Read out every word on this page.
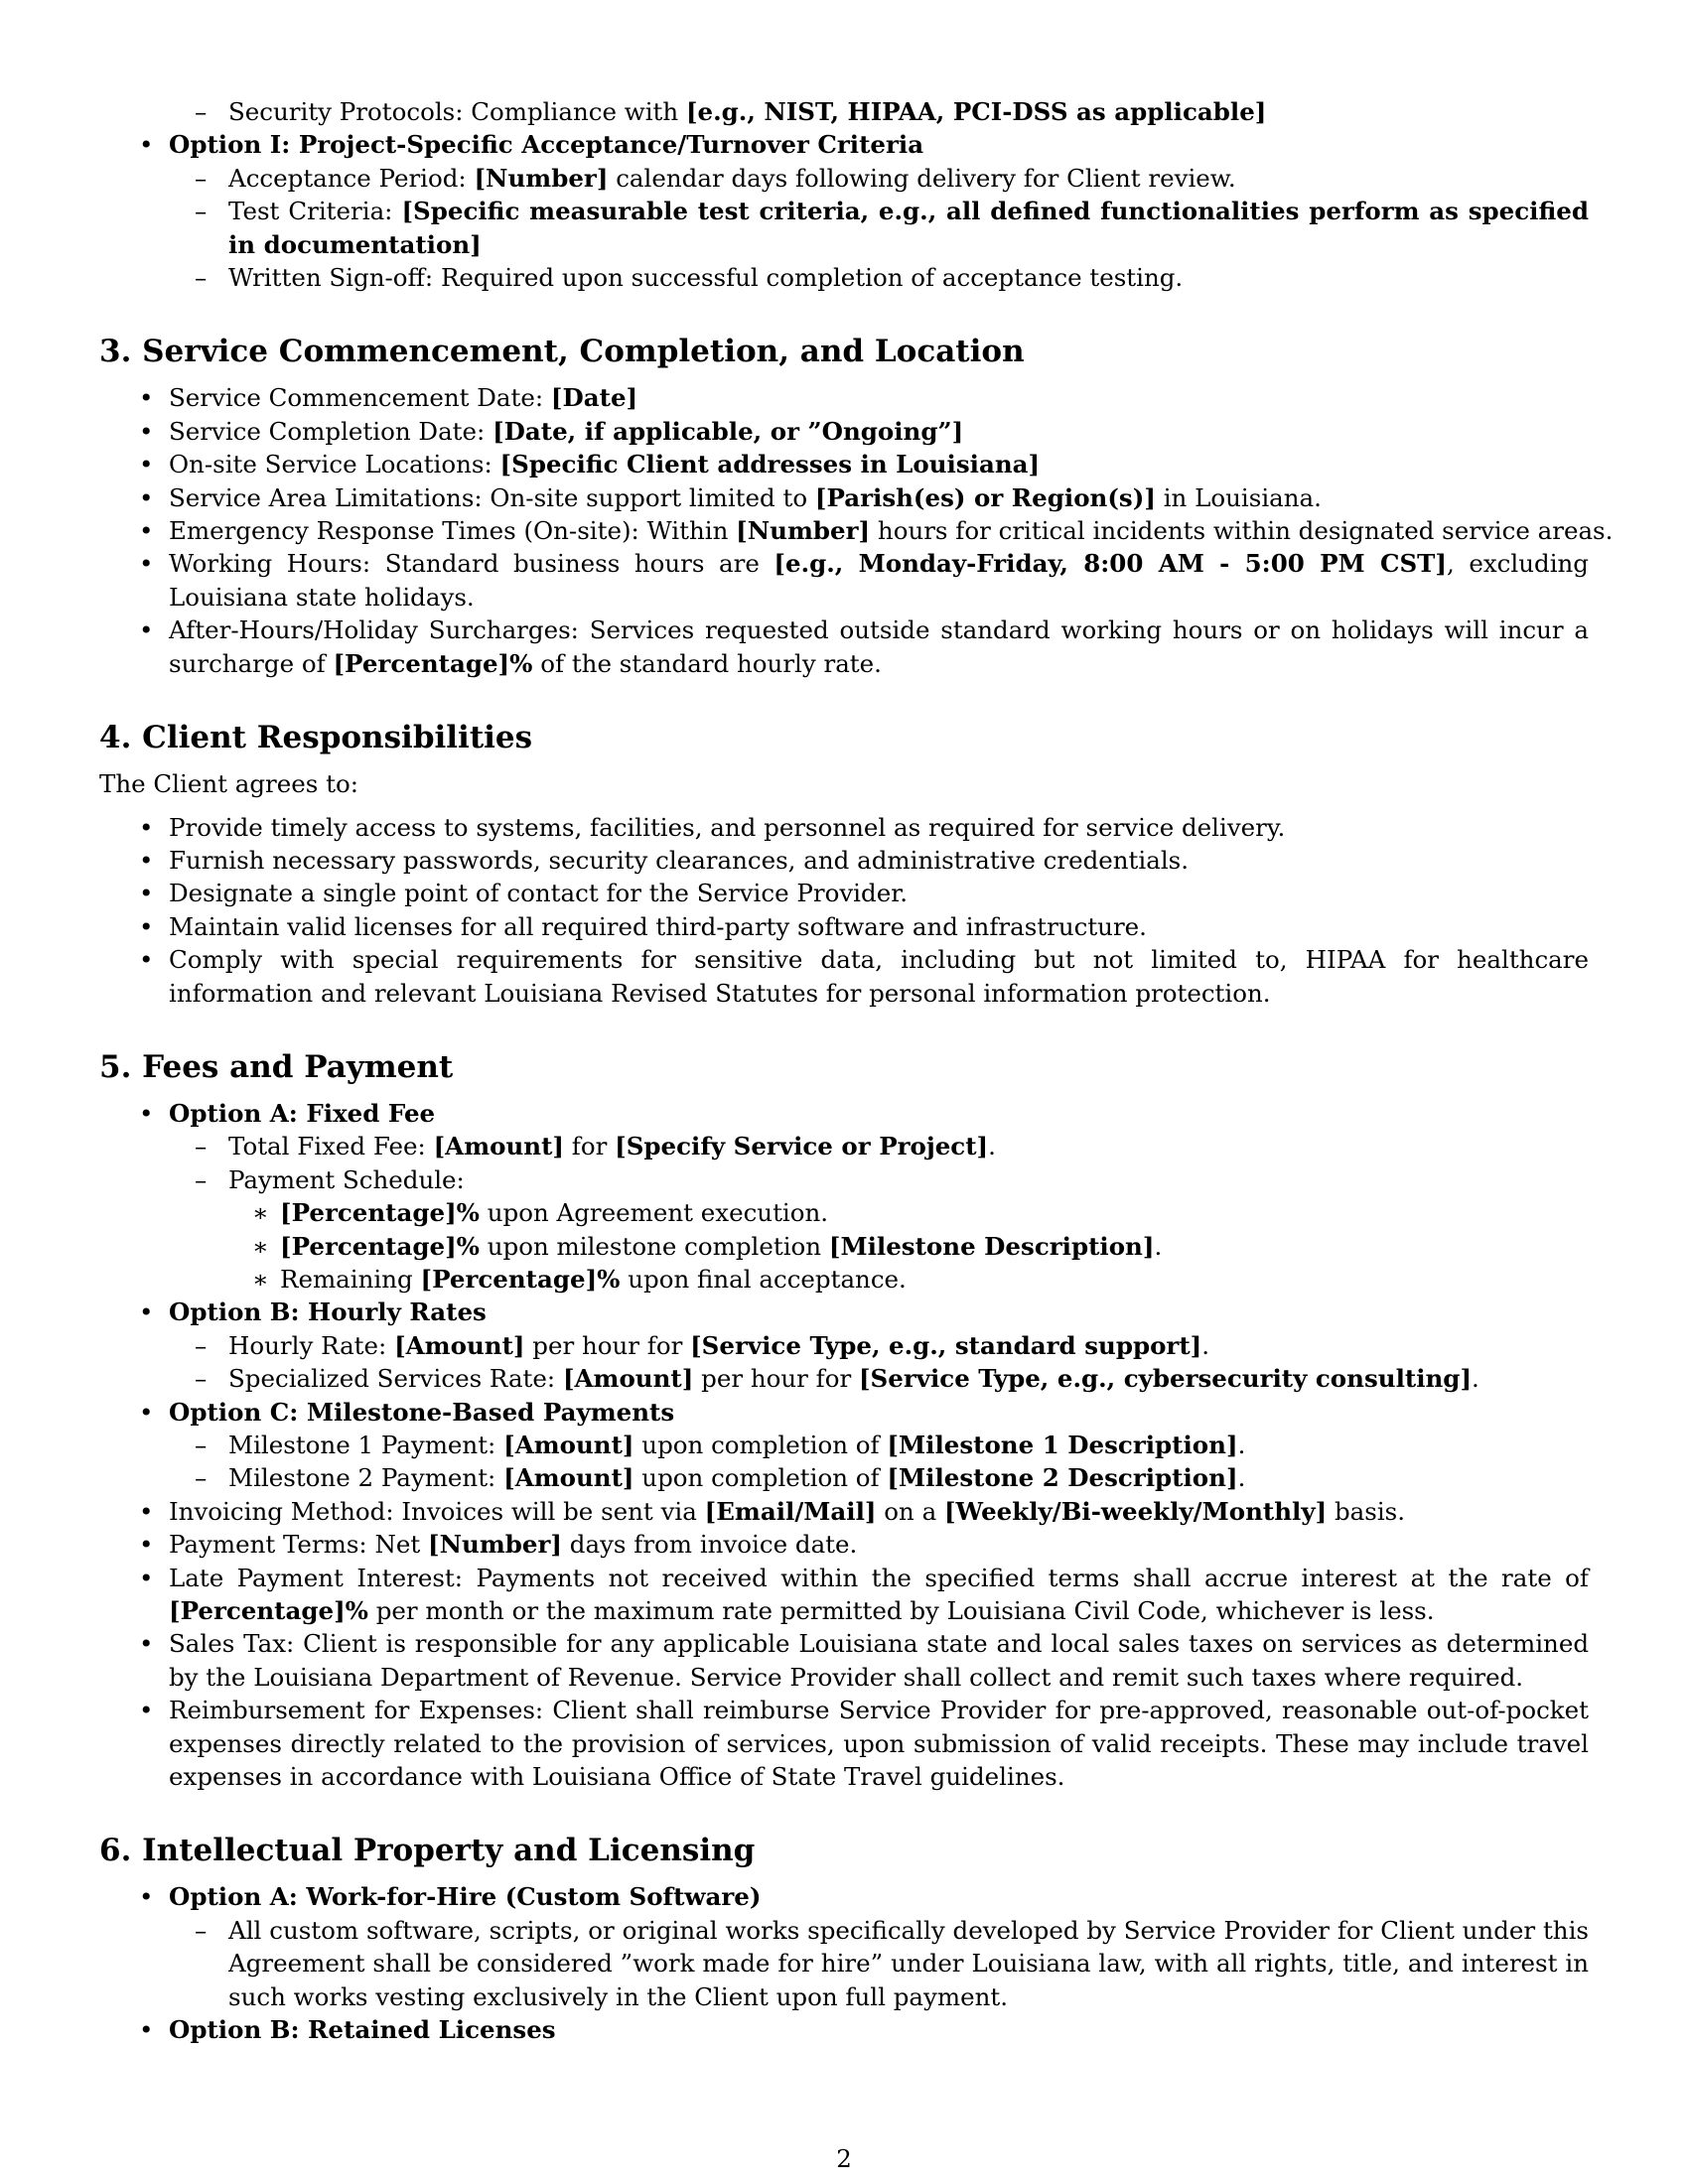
– Security Protocols: Compliance with [e.g., NIST, HIPAA, PCI-DSS as applicable]
• Option I: Project-Specific Acceptance/Turnover Criteria
– Acceptance Period: [Number] calendar days following delivery for Client review.
– Test Criteria: [Specific measurable test criteria, e.g., all defined functionalities perform as specified in documentation]
– Written Sign-off: Required upon successful completion of acceptance testing.
3. Service Commencement, Completion, and Location
• Service Commencement Date: [Date]
• Service Completion Date: [Date, if applicable, or ”Ongoing”]
• On-site Service Locations: [Specific Client addresses in Louisiana]
• Service Area Limitations: On-site support limited to [Parish(es) or Region(s)] in Louisiana.
• Emergency Response Times (On-site): Within [Number] hours for critical incidents within designated service areas.
• Working Hours: Standard business hours are [e.g., Monday-Friday, 8:00 AM - 5:00 PM CST], excluding Louisiana state holidays.
• After-Hours/Holiday Surcharges: Services requested outside standard working hours or on holidays will incur a surcharge of [Percentage]% of the standard hourly rate.
4. Client Responsibilities
The Client agrees to:
• Provide timely access to systems, facilities, and personnel as required for service delivery.
• Furnish necessary passwords, security clearances, and administrative credentials.
• Designate a single point of contact for the Service Provider.
• Maintain valid licenses for all required third-party software and infrastructure.
• Comply with special requirements for sensitive data, including but not limited to, HIPAA for healthcare information and relevant Louisiana Revised Statutes for personal information protection.
5. Fees and Payment
• Option A: Fixed Fee
– Total Fixed Fee: [Amount] for [Specify Service or Project].
– Payment Schedule:
∗ [Percentage]% upon Agreement execution.
∗ [Percentage]% upon milestone completion [Milestone Description].
∗ Remaining [Percentage]% upon final acceptance.
• Option B: Hourly Rates
– Hourly Rate: [Amount] per hour for [Service Type, e.g., standard support].
– Specialized Services Rate: [Amount] per hour for [Service Type, e.g., cybersecurity consulting].
• Option C: Milestone-Based Payments
– Milestone 1 Payment: [Amount] upon completion of [Milestone 1 Description].
– Milestone 2 Payment: [Amount] upon completion of [Milestone 2 Description].
• Invoicing Method: Invoices will be sent via [Email/Mail] on a [Weekly/Bi-weekly/Monthly] basis.
• Payment Terms: Net [Number] days from invoice date.
• Late Payment Interest: Payments not received within the specified terms shall accrue interest at the rate of [Percentage]% per month or the maximum rate permitted by Louisiana Civil Code, whichever is less.
• Sales Tax: Client is responsible for any applicable Louisiana state and local sales taxes on services as determined by the Louisiana Department of Revenue. Service Provider shall collect and remit such taxes where required.
• Reimbursement for Expenses: Client shall reimburse Service Provider for pre-approved, reasonable out-of-pocket expenses directly related to the provision of services, upon submission of valid receipts. These may include travel expenses in accordance with Louisiana Office of State Travel guidelines.
6. Intellectual Property and Licensing
• Option A: Work-for-Hire (Custom Software)
– All custom software, scripts, or original works specifically developed by Service Provider for Client under this Agreement shall be considered ”work made for hire” under Louisiana law, with all rights, title, and interest in such works vesting exclusively in the Client upon full payment.
• Option B: Retained Licenses
2
